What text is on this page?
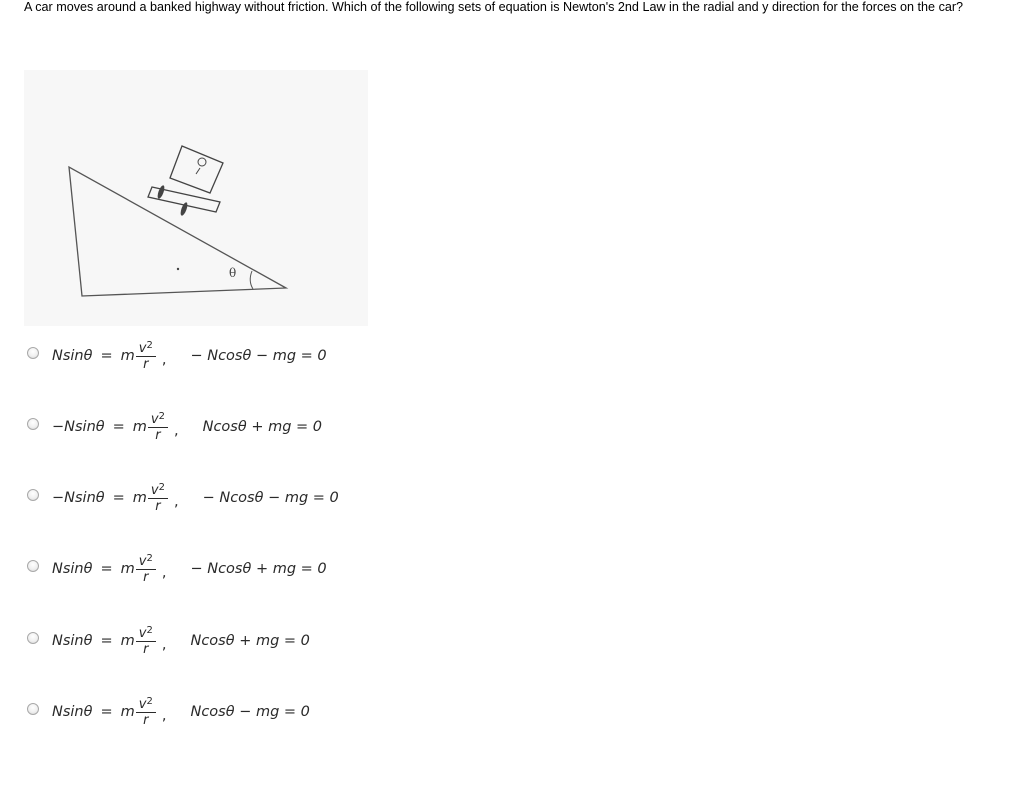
A car moves around a banked highway without friction. Which of the following sets of equation is Newton's 2nd Law in the radial and y direction for the forces on the car?
θ
Nsinθ = m $\frac{v^2}{r}$ , − Ncosθ − mg = 0
−Nsinθ = m $\frac{v^2}{r}$ , Ncosθ + mg = 0
−Nsinθ = m $\frac{v^2}{r}$ , − Ncosθ − mg = 0
Nsinθ = m $\frac{v^2}{r}$ , − Ncosθ + mg = 0
Nsinθ = m $\frac{v^2}{r}$ , Ncosθ + mg = 0
Nsinθ = m $\frac{v^2}{r}$ , Ncosθ − mg = 0
